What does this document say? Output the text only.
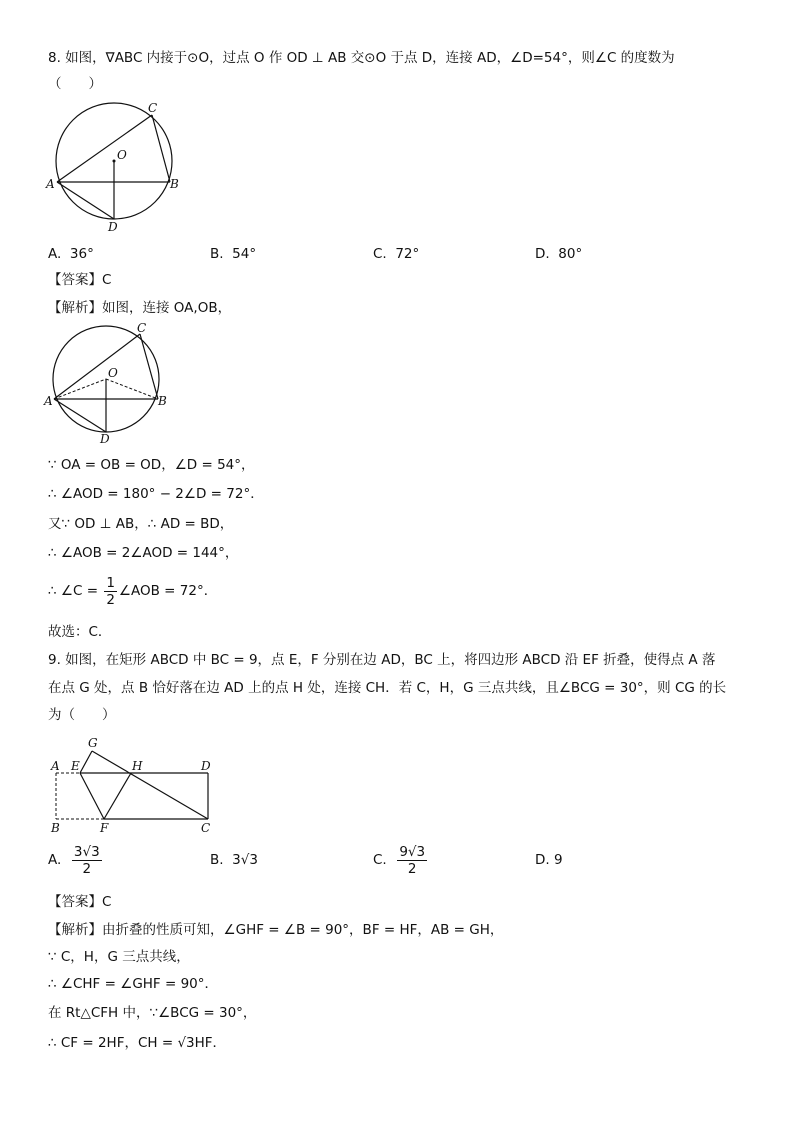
8. 如图，∇ABC 内接于⊙O，过点 O 作 OD ⊥ AB 交⊙O 于点 D，连接 AD，∠D=54°，则∠C 的度数为
（　　）
C
O
A	B
D
A. 36°	B. 54°	C. 72°	D. 80°
【答案】C
【解析】如图，连接 OA,OB，
C
O
A	B
D
∵ OA = OB = OD，∠D = 54°，
∴ ∠AOD = 180° − 2∠D = 72°．
又∵ OD ⊥ AB，∴ AD = BD，
∴ ∠AOB = 2∠AOD = 144°，
∴ ∠C = $\frac{1}{2}$ ∠AOB = 72°．
故选：C．
9. 如图，在矩形 ABCD 中 BC = 9，点 E，F 分别在边 AD，BC 上，将四边形 ABCD 沿 EF 折叠，使得点 A 落
在点 G 处，点 B 恰好落在边 AD 上的点 H 处，连接 CH．若 C，H，G 三点共线，且∠BCG = 30°，则 CG 的长
为（　　）
G
A E	H	D
B	F	C
A. $\frac{3√3}{2}$	B. 3√3	C. $\frac{9√3}{2}$	D. 9
【答案】C
【解析】由折叠的性质可知，∠GHF = ∠B = 90°，BF = HF，AB = GH，
∵ C，H，G 三点共线，
∴ ∠CHF = ∠GHF = 90°．
在 Rt△CFH 中，∵∠BCG = 30°，
∴ CF = 2HF，CH = √3HF．
